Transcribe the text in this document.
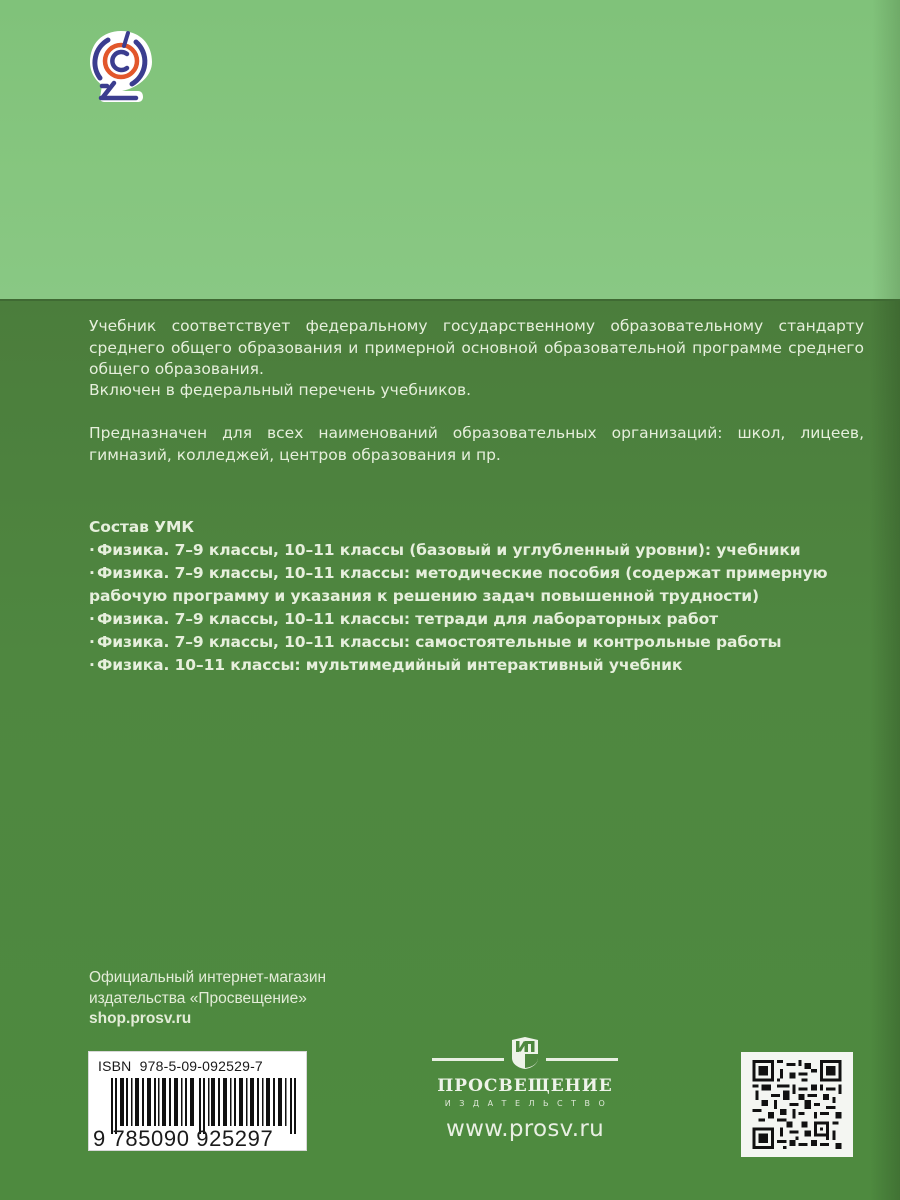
Учебник соответствует федеральному государственному образовательному стандарту среднего общего образования и примерной основной образовательной программе среднего общего образования.

Включен в федеральный перечень учебников.

Предназначен для всех наименований образовательных организаций: школ, лицеев, гимназий, колледжей, центров образования и пр.

Состав УМК
· Физика. 7–9 классы, 10–11 классы (базовый и углубленный уровни): учебники
· Физика. 7–9 классы, 10–11 классы: методические пособия (содержат примерную
рабочую программу и указания к решению задач повышенной трудности)
· Физика. 7–9 классы, 10–11 классы: тетради для лабораторных работ
· Физика. 7–9 классы, 10–11 классы: самостоятельные и контрольные работы
· Физика. 10–11 классы: мультимедийный интерактивный учебник
Официальный интернет-магазин
издательства «Просвещение»
shop.prosv.ru
ISBN  978-5-09-092529-7
9 785090 925297
ПРОСВЕЩЕНИЕ
ИЗДАТЕЛЬСТВО
www.prosv.ru
